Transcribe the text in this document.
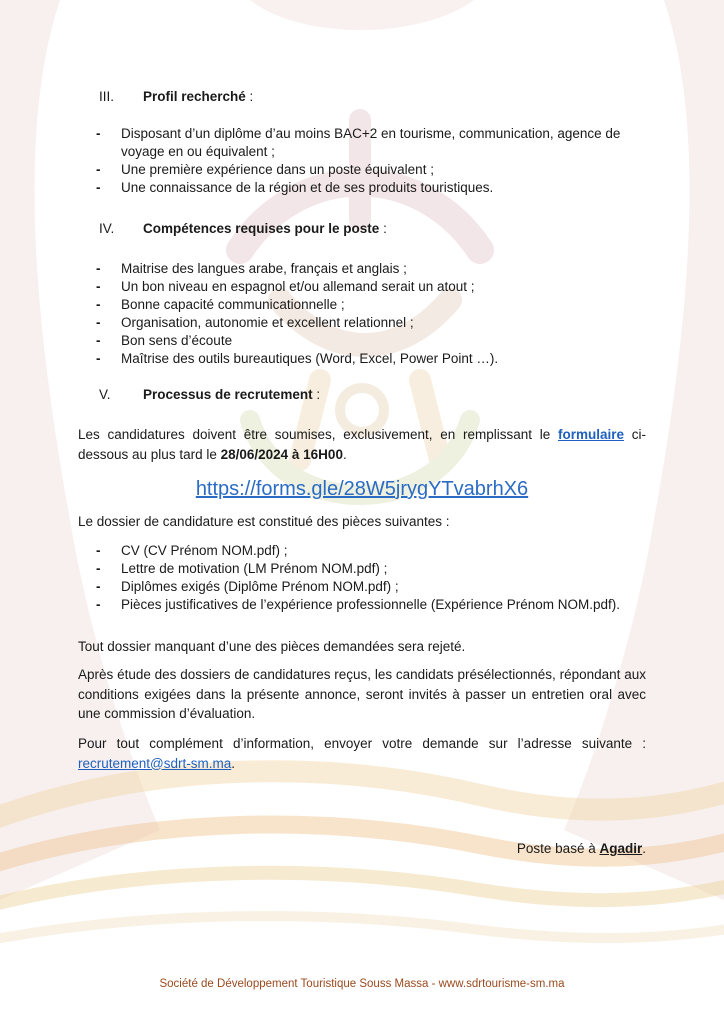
III. Profil recherché :
- Disposant d’un diplôme d’au moins BAC+2 en tourisme, communication, agence de voyage en ou équivalent ;
- Une première expérience dans un poste équivalent ;
- Une connaissance de la région et de ses produits touristiques.
IV. Compétences requises pour le poste :
- Maitrise des langues arabe, français et anglais ;
- Un bon niveau en espagnol et/ou allemand serait un atout ;
- Bonne capacité communicationnelle ;
- Organisation, autonomie et excellent relationnel ;
- Bon sens d’écoute
- Maîtrise des outils bureautiques (Word, Excel, Power Point …).
V. Processus de recrutement :
Les candidatures doivent être soumises, exclusivement, en remplissant le formulaire ci-dessous au plus tard le 28/06/2024 à 16H00.
https://forms.gle/28W5jrygYTvabrhX6
Le dossier de candidature est constitué des pièces suivantes :
- CV (CV Prénom NOM.pdf) ;
- Lettre de motivation (LM Prénom NOM.pdf) ;
- Diplômes exigés (Diplôme Prénom NOM.pdf) ;
- Pièces justificatives de l’expérience professionnelle (Expérience Prénom NOM.pdf).
Tout dossier manquant d’une des pièces demandées sera rejeté.
Après étude des dossiers de candidatures reçus, les candidats présélectionnés, répondant aux conditions exigées dans la présente annonce, seront invités à passer un entretien oral avec une commission d’évaluation.
Pour tout complément d’information, envoyer votre demande sur l’adresse suivante : recrutement@sdrt-sm.ma.
Poste basé à Agadir.
Société de Développement Touristique Souss Massa - www.sdrtourisme-sm.ma
